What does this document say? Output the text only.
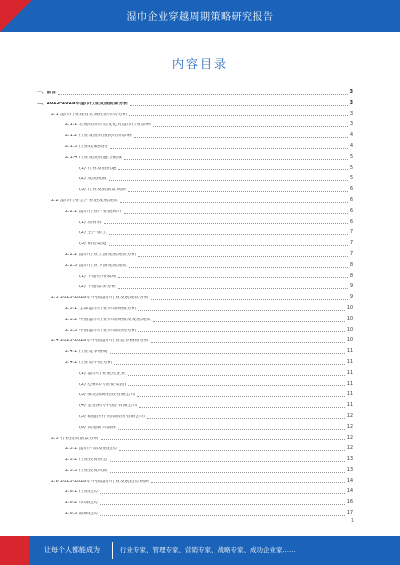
湿巾企业穿越周期策略研究报告
内容目录
一、前言	3
二、2023-2028年湿巾行业发展前景分析	3
2.1 湿巾行业现有宏观经济形势分析	3
2.1.1 宏观经济形势变化对湿巾行业影响	3
2.1.2 行业发展对国民经济影响	4
2.1.3 行业政策扶持	4
2.1.4 行业发展机遇与挑战	5
(1) 行业发展机遇	5
(2) 发展挑战	5
(3) 行业发展前景预测	6
2.2 湿巾行业全产业链发展现状	6
2.2.1 湿巾行业产业链简介	6
(1) 原材料	6
(2) 生产加工	7
(3) 销售渠道	7
2.2.2 湿巾行业上游发展现状分析	7
2.2.3 湿巾行业下游发展现状	8
(1) 下游应用领域	8
(2) 下游需求分析	9
2.3 2023-2028年中国湿巾行业发展现状分析	9
2.3.1 全球湿巾行业市场规模分析	10
2.3.2 中国湿巾行业市场规模及发展现状	10
2.3.3 中国湿巾行业市场结构分析	10
2.4 2023-2028年中国湿巾行业竞争格局分析	10
2.4.1 行业竞争格局	11
2.4.2 行业集中度分析	11
(1) 湿巾行业重点企业	11
(2) 心相印 (恒安集团)	11
(3) 维达国际控股有限公司	11
(4) 金佰利 (中国) 有限公司	11
(5) 稳健医疗用品股份有限公司	12
(6) 其他新兴品牌	12
2.5 行业投资前景分析	12
2.5.1 湿巾产品发展趋势	12
2.5.2 行业投资机会	13
2.5.3 行业投资风险	13
2.6 2023-2028年中国湿巾行业发展趋势预测	14
2.6.1 行业趋势	14
2.6.2 市场趋势	16
2.6.3 品牌趋势	17
1
让每个人都能成为	行业专家、管理专家、营销专家、战略专家、成功企业家……
